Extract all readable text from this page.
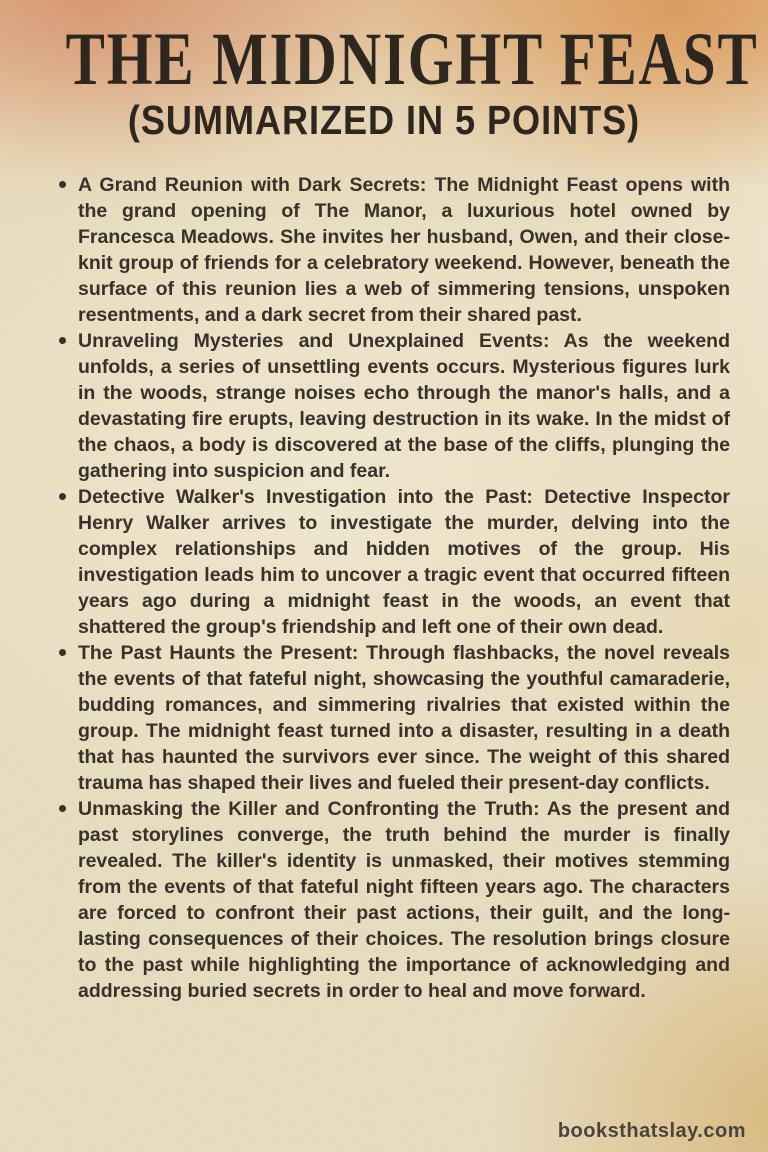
THE MIDNIGHT FEAST
(SUMMARIZED IN 5 POINTS)
A Grand Reunion with Dark Secrets: The Midnight Feast opens with the grand opening of The Manor, a luxurious hotel owned by Francesca Meadows. She invites her husband, Owen, and their close-knit group of friends for a celebratory weekend. However, beneath the surface of this reunion lies a web of simmering tensions, unspoken resentments, and a dark secret from their shared past.
Unraveling Mysteries and Unexplained Events: As the weekend unfolds, a series of unsettling events occurs. Mysterious figures lurk in the woods, strange noises echo through the manor's halls, and a devastating fire erupts, leaving destruction in its wake. In the midst of the chaos, a body is discovered at the base of the cliffs, plunging the gathering into suspicion and fear.
Detective Walker's Investigation into the Past: Detective Inspector Henry Walker arrives to investigate the murder, delving into the complex relationships and hidden motives of the group. His investigation leads him to uncover a tragic event that occurred fifteen years ago during a midnight feast in the woods, an event that shattered the group's friendship and left one of their own dead.
The Past Haunts the Present: Through flashbacks, the novel reveals the events of that fateful night, showcasing the youthful camaraderie, budding romances, and simmering rivalries that existed within the group. The midnight feast turned into a disaster, resulting in a death that has haunted the survivors ever since. The weight of this shared trauma has shaped their lives and fueled their present-day conflicts.
Unmasking the Killer and Confronting the Truth: As the present and past storylines converge, the truth behind the murder is finally revealed. The killer's identity is unmasked, their motives stemming from the events of that fateful night fifteen years ago. The characters are forced to confront their past actions, their guilt, and the long-lasting consequences of their choices. The resolution brings closure to the past while highlighting the importance of acknowledging and addressing buried secrets in order to heal and move forward.
booksthatslay.com
